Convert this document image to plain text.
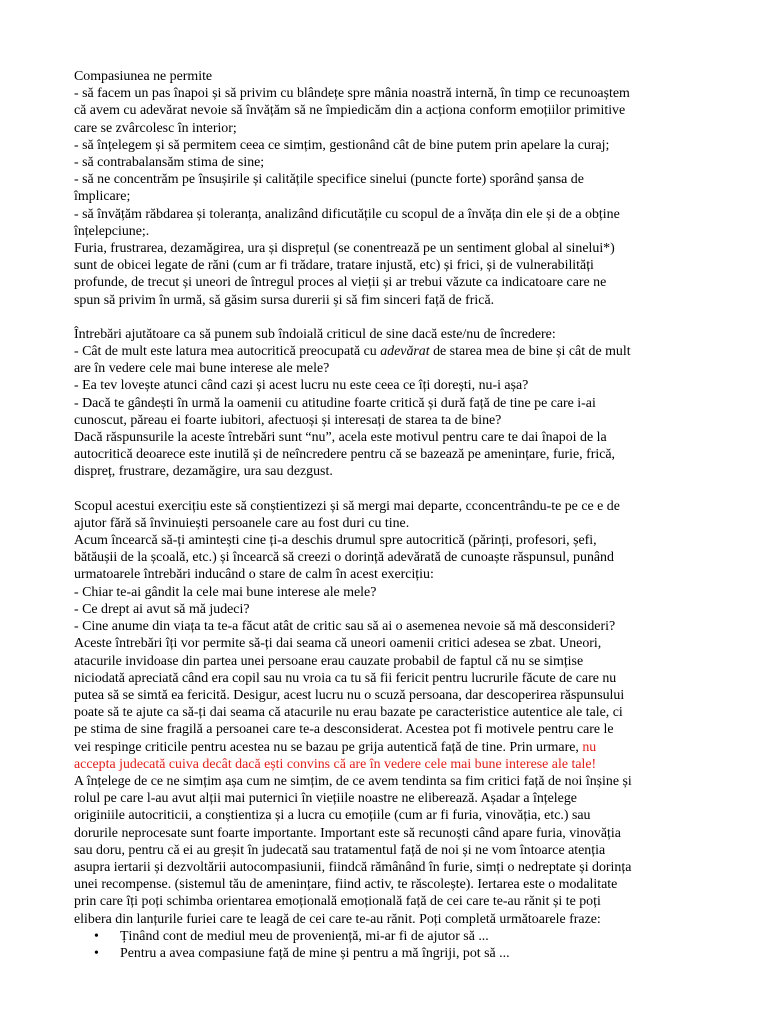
Compasiunea ne permite
- să facem un pas înapoi și să privim cu blândețe spre mânia noastră internă, în timp ce recunoaștem
că avem cu adevărat nevoie să învățăm să ne împiedicăm din a acționa conform emoțiilor primitive
care se zvârcolesc în interior;
- să înțelegem și să permitem ceea ce simțim, gestionând cât de bine putem prin apelare la curaj;
- să contrabalansăm stima de sine;
- să ne concentrăm pe însușirile și calitățile specifice sinelui (puncte forte) sporând șansa de
împlicare;
- să învățăm răbdarea și toleranța, analizând dificutățile cu scopul de a învăța din ele și de a obține
înțelepciune;.
Furia, frustrarea, dezamăgirea, ura și disprețul (se conentrează pe un sentiment global al sinelui*)
sunt de obicei legate de răni (cum ar fi trădare, tratare injustă, etc) și frici, și de vulnerabilități
profunde, de trecut și uneori de întregul proces al vieții și ar trebui văzute ca indicatoare care ne
spun să privim în urmă, să găsim sursa durerii și să fim sinceri față de frică.
Întrebări ajutătoare ca să punem sub îndoială criticul de sine dacă este/nu de încredere:
- Cât de mult este latura mea autocritică preocupată cu adevărat de starea mea de bine și cât de mult
are în vedere cele mai bune interese ale mele?
- Ea tev lovește atunci când cazi și acest lucru nu este ceea ce îți dorești, nu-i așa?
- Dacă te gândești în urmă la oamenii cu atitudine foarte critică și dură față de tine pe care i-ai
cunoscut, păreau ei foarte iubitori, afectuoși și interesați de starea ta de bine?
Dacă răspunsurile la aceste întrebări sunt “nu”, acela este motivul pentru care te dai înapoi de la
autocritică deoarece este inutilă și de neîncredere pentru că se bazează pe amenințare, furie, frică,
dispreț, frustrare, dezamăgire, ura sau dezgust.
Scopul acestui exercițiu este să conștientizezi și să mergi mai departe, cconcentrându-te pe ce e de
ajutor fără să învinuiești persoanele care au fost duri cu tine.
Acum încearcă să-ți amintești cine ți-a deschis drumul spre autocritică (părinți, profesori, șefi,
bătăușii de la școală, etc.) și încearcă să creezi o dorință adevărată de cunoaște răspunsul, punând
urmatoarele întrebări inducând o stare de calm în acest exercițiu:
- Chiar te-ai gândit la cele mai bune interese ale mele?
- Ce drept ai avut să mă judeci?
- Cine anume din viața ta te-a făcut atât de critic sau să ai o asemenea nevoie să mă desconsideri?
Aceste întrebări îți vor permite să-ți dai seama că uneori oamenii critici adesea se zbat. Uneori,
atacurile invidoase din partea unei persoane erau cauzate probabil de faptul că nu se simțise
niciodată apreciată când era copil sau nu vroia ca tu să fii fericit pentru lucrurile făcute de care nu
putea să se simtă ea fericită. Desigur, acest lucru nu o scuză persoana, dar descoperirea răspunsului
poate să te ajute ca să-ți dai seama că atacurile nu erau bazate pe caracteristice autentice ale tale, ci
pe stima de sine fragilă a persoanei care te-a desconsiderat. Acestea pot fi motivele pentru care le
vei respinge criticile pentru acestea nu se bazau pe grija autentică față de tine. Prin urmare, nu
accepta judecată cuiva decât dacă ești convins că are în vedere cele mai bune interese ale tale!
A înțelege de ce ne simțim așa cum ne simțim, de ce avem tendinta sa fim critici față de noi înșine și
rolul pe care l-au avut alții mai puternici în viețiile noastre ne eliberează. Așadar a înțelege
originiile autocriticii, a conștientiza și a lucra cu emoțiile (cum ar fi furia, vinovăția, etc.) sau
dorurile neprocesate sunt foarte importante. Important este să recunoști când apare furia, vinovăția
sau doru, pentru că ei au greșit în judecată sau tratamentul față de noi și ne vom întoarce atenția
asupra iertarii și dezvoltării autocompasiunii, fiindcă rămânând în furie, simți o nedreptate și dorința
unei recompense. (sistemul tău de amenințare, fiind activ, te răscolește). Iertarea este o modalitate
prin care îți poți schimba orientarea emoțională emoțională față de cei care te-au rănit și te poți
elibera din lanțurile furiei care te leagă de cei care te-au rănit. Poți completă următoarele fraze:
• Ținând cont de mediul meu de proveniență, mi-ar fi de ajutor să ...
• Pentru a avea compasiune față de mine și pentru a mă îngriji, pot să ...
